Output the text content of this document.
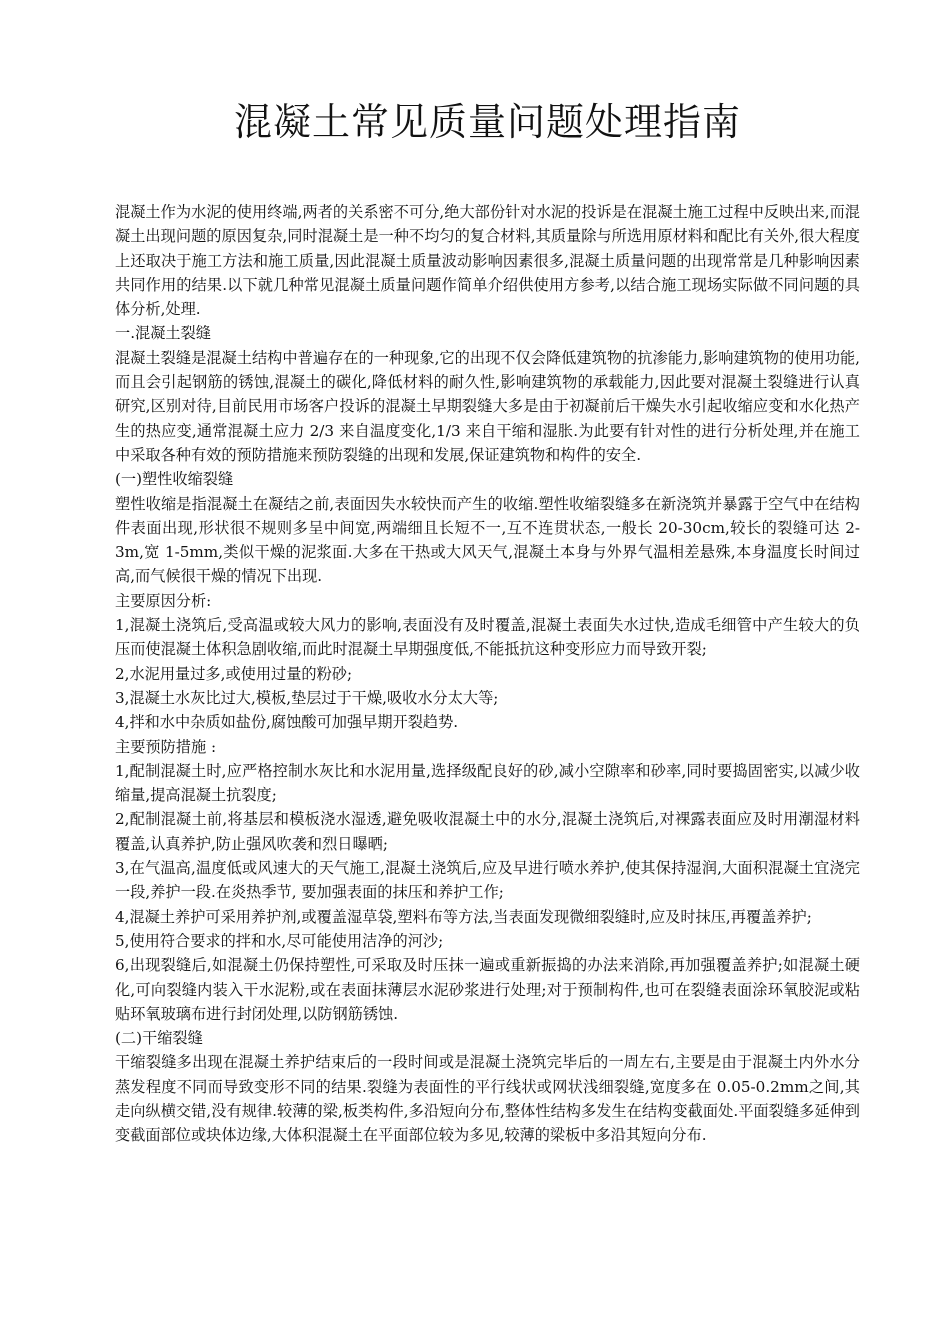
混凝土常见质量问题处理指南

混凝土作为水泥的使用终端,两者的关系密不可分,绝大部份针对水泥的投诉是在混凝土施工过程中反映出来,而混凝土出现问题的原因复杂,同时混凝土是一种不均匀的复合材料,其质量除与所选用原材料和配比有关外,很大程度上还取决于施工方法和施工质量,因此混凝土质量波动影响因素很多,混凝土质量问题的出现常常是几种影响因素共同作用的结果.以下就几种常见混凝土质量问题作简单介绍供使用方参考,以结合施工现场实际做不同问题的具体分析,处理.

一.混凝土裂缝

混凝土裂缝是混凝土结构中普遍存在的一种现象,它的出现不仅会降低建筑物的抗渗能力,影响建筑物的使用功能,而且会引起钢筋的锈蚀,混凝土的碳化,降低材料的耐久性,影响建筑物的承载能力,因此要对混凝土裂缝进行认真研究,区别对待,目前民用市场客户投诉的混凝土早期裂缝大多是由于初凝前后干燥失水引起收缩应变和水化热产生的热应变,通常混凝土应力 2/3 来自温度变化,1/3 来自干缩和湿胀.为此要有针对性的进行分析处理,并在施工中采取各种有效的预防措施来预防裂缝的出现和发展,保证建筑物和构件的安全.

(一)塑性收缩裂缝

塑性收缩是指混凝土在凝结之前,表面因失水较快而产生的收缩.塑性收缩裂缝多在新浇筑并暴露于空气中在结构件表面出现,形状很不规则多呈中间宽,两端细且长短不一,互不连贯状态,一般长 20-30cm,较长的裂缝可达 2-3m,宽 1-5mm,类似干燥的泥浆面.大多在干热或大风天气,混凝土本身与外界气温相差悬殊,本身温度长时间过高,而气候很干燥的情况下出现.

主要原因分析:

1,混凝土浇筑后,受高温或较大风力的影响,表面没有及时覆盖,混凝土表面失水过快,造成毛细管中产生较大的负压而使混凝土体积急剧收缩,而此时混凝土早期强度低,不能抵抗这种变形应力而导致开裂;

2,水泥用量过多,或使用过量的粉砂;

3,混凝土水灰比过大,模板,垫层过于干燥,吸收水分太大等;

4,拌和水中杂质如盐份,腐蚀酸可加强早期开裂趋势.

主要预防措施 :

1,配制混凝土时,应严格控制水灰比和水泥用量,选择级配良好的砂,减小空隙率和砂率,同时要捣固密实,以减少收缩量,提高混凝土抗裂度;

2,配制混凝土前,将基层和模板浇水湿透,避免吸收混凝土中的水分,混凝土浇筑后,对裸露表面应及时用潮湿材料覆盖,认真养护,防止强风吹袭和烈日曝晒;

3,在气温高,温度低或风速大的天气施工,混凝土浇筑后,应及早进行喷水养护,使其保持湿润,大面积混凝土宜浇完一段,养护一段.在炎热季节, 要加强表面的抹压和养护工作;

4,混凝土养护可采用养护剂,或覆盖湿草袋,塑料布等方法,当表面发现微细裂缝时,应及时抹压,再覆盖养护;

5,使用符合要求的拌和水,尽可能使用洁净的河沙;

6,出现裂缝后,如混凝土仍保持塑性,可采取及时压抹一遍或重新振捣的办法来消除,再加强覆盖养护;如混凝土硬化,可向裂缝内装入干水泥粉,或在表面抹薄层水泥砂浆进行处理;对于预制构件,也可在裂缝表面涂环氧胶泥或粘贴环氧玻璃布进行封闭处理,以防钢筋锈蚀.

(二)干缩裂缝

干缩裂缝多出现在混凝土养护结束后的一段时间或是混凝土浇筑完毕后的一周左右,主要是由于混凝土内外水分蒸发程度不同而导致变形不同的结果.裂缝为表面性的平行线状或网状浅细裂缝,宽度多在 0.05-0.2mm之间,其走向纵横交错,没有规律.较薄的梁,板类构件,多沿短向分布,整体性结构多发生在结构变截面处.平面裂缝多延伸到变截面部位或块体边缘,大体积混凝土在平面部位较为多见,较薄的梁板中多沿其短向分布.
